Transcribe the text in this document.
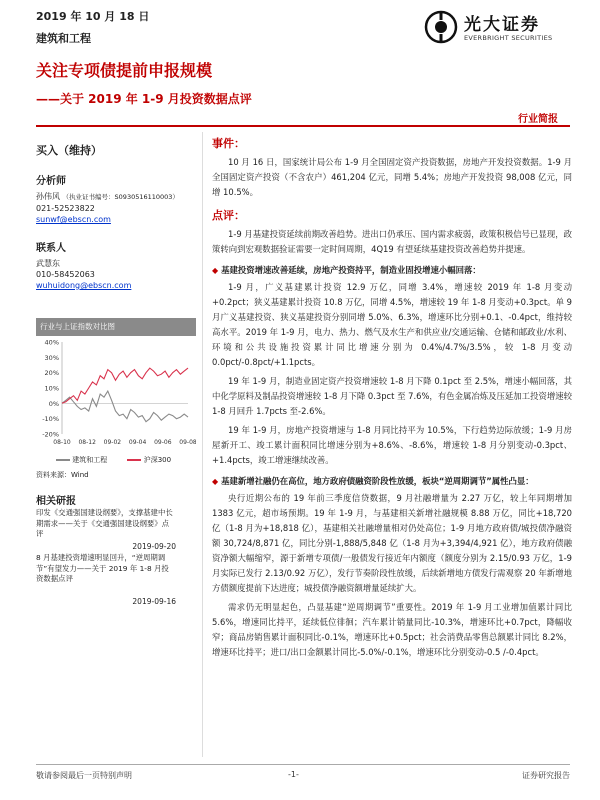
2019 年 10 月 18 日
建筑和工程
光大证券
EVERBRIGHT SECURITIES
关注专项债提前申报规模
——关于 2019 年 1-9 月投资数据点评
行业简报
买入（维持）
分析师
孙伟风 （执业证书编号：S0930516110003）
021-52523822
sunwf@ebscn.com
联系人
武慧东
010-58452063
wuhuidong@ebscn.com
行业与上证指数对比图
40%
30%
20%
10%
0%
-10%
-20%
08-10 08-12 09-02 09-04 09-06 09-08
建筑和工程	沪深300
资料来源：Wind
相关研报
印发《交通强国建设纲要》，支撑基建中长期需求——关于《交通强国建设纲要》点评
2019-09-20
8 月基建投资增速明显回升，“逆周期调节”有望发力——关于 2019 年 1-8 月投资数据点评
2019-09-16
事件：
10 月 16 日，国家统计局公布 1-9 月全国固定资产投资数据，房地产开发投资数据。1-9 月全国固定资产投资（不含农户）461,204 亿元，同增 5.4%；房地产开发投资 98,008 亿元，同增 10.5%。
点评：
1-9 月基建投资延续前期改善趋势。进出口仍承压、国内需求疲弱，政策积极信号已显现，政策转向到宏观数据验证需要一定时间周期，4Q19 有望延续基建投资改善趋势并提速。
◆ 基建投资增速改善延续，房地产投资持平，制造业固投增速小幅回落：
1-9 月，广义基建累计投资 12.9 万亿，同增 3.4%，增速较 2019 年 1-8 月变动+0.2pct；狭义基建累计投资 10.8 万亿，同增 4.5%，增速较 19 年 1-8 月变动+0.3pct。单 9 月广义基建投资、狭义基建投资分别同增 5.0%、6.3%，增速环比分别+0.1、-0.4pct，维持较高水平。2019 年 1-9 月，电力、热力、燃气及水生产和供应业/交通运输、仓储和邮政业/水利、环境和公共设施投资累计同比增速分别为 0.4%/4.7%/3.5%，较 1-8 月变动 0.0pct/-0.8pct/+1.1pcts。
19 年 1-9 月，制造业固定资产投资增速较 1-8 月下降 0.1pct 至 2.5%，增速小幅回落，其中化学原料及制品投资增速较 1-8 月下降 0.3pct 至 7.6%，有色金属冶炼及压延加工投资增速较 1-8 月回升 1.7pcts 至-2.6%。
19 年 1-9 月，房地产投资增速与 1-8 月同比持平为 10.5%，下行趋势边际放缓；1-9 月房屋新开工、竣工累计面积同比增速分别为+8.6%、-8.6%，增速较 1-8 月分别变动-0.3pct、+1.4pcts，竣工增速继续改善。
◆ 基建新增社融仍在高位，地方政府债融资阶段性放缓，板块“逆周期调节”属性凸显：
央行近期公布的 19 年前三季度信贷数据，9 月社融增量为 2.27 万亿，较上年同期增加 1383 亿元，超市场预期。19 年 1-9 月，与基建相关新增社融规模 8.88 万亿，同比+18,720 亿（1-8 月为+18,818 亿），基建相关社融增量相对仍处高位；1-9 月地方政府债/城投债净融资额 30,724/8,871 亿，同比分别-1,888/5,848 亿（1-8 月为+3,394/4,921 亿），地方政府债融资净额大幅缩窄，源于新增专项债/一般债发行接近年内额度（额度分别为 2.15/0.93 万亿，1-9 月实际已发行 2.13/0.92 万亿），发行节奏阶段性放缓，后续新增地方债发行需观察 20 年新增地方债额度提前下达进度；城投债净融资额增量延续扩大。
需求仍无明显起色，凸显基建“逆周期调节”重要性。2019 年 1-9 月工业增加值累计同比 5.6%，增速同比持平，延续低位徘徊；汽车累计销量同比-10.3%，增速环比+0.7pct，降幅收窄；商品房销售累计面积同比-0.1%，增速环比+0.5pct；社会消费品零售总额累计同比 8.2%，增速环比持平；进口/出口金额累计同比-5.0%/-0.1%，增速环比分别变动-0.5 /-0.4pct。
敬请参阅最后一页特别声明	-1-	证券研究报告
